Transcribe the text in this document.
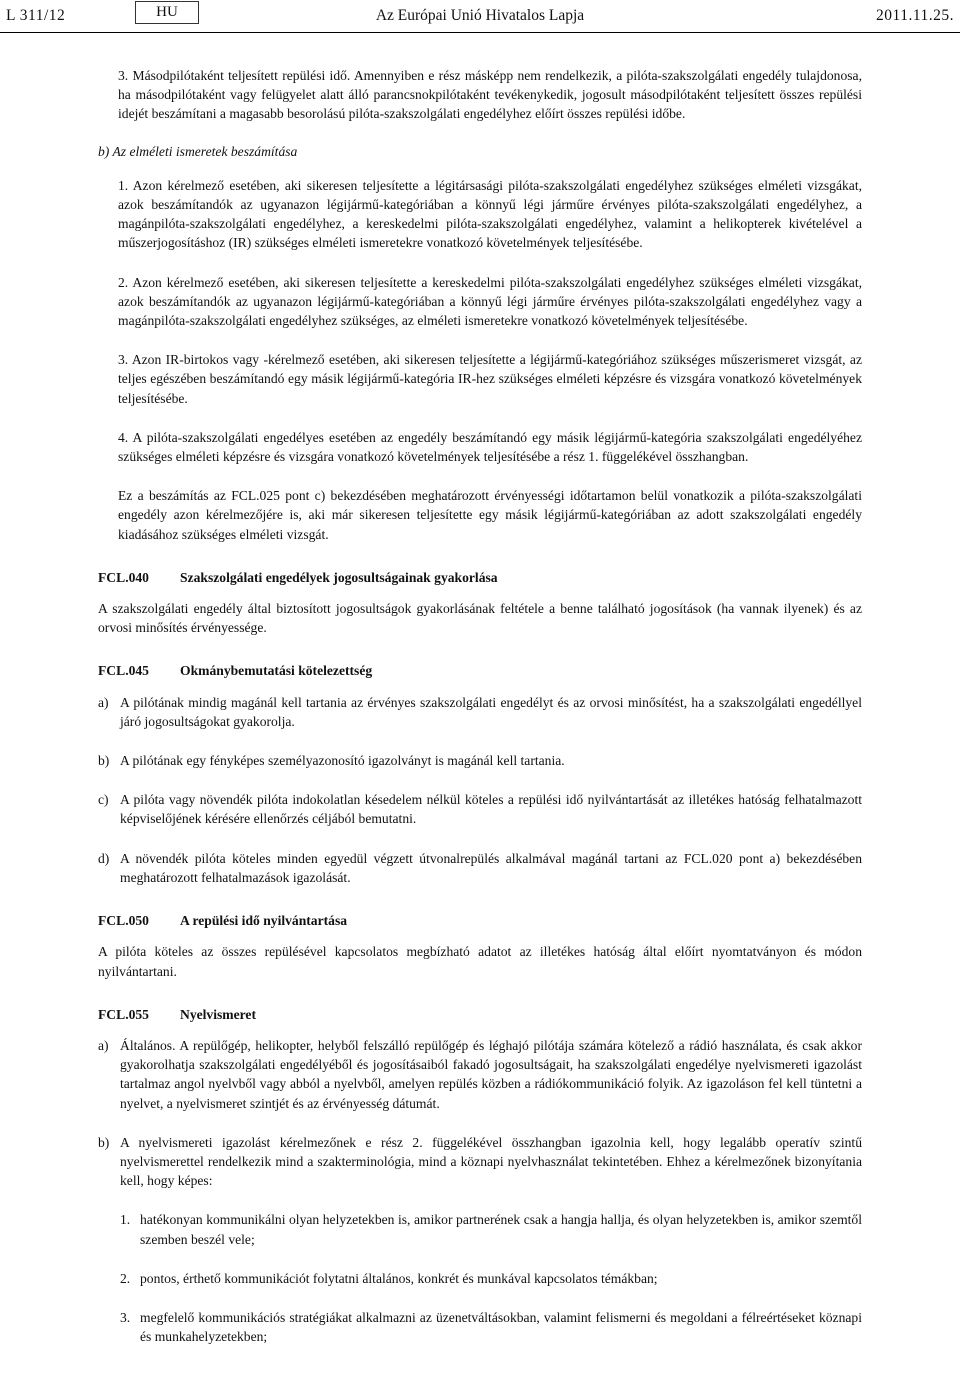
L 311/12	HU	Az Európai Unió Hivatalos Lapja	2011.11.25.

3. Másodpilótaként teljesített repülési idő. Amennyiben e rész másképp nem rendelkezik, a pilóta-szakszolgálati engedély tulajdonosa, ha másodpilótaként vagy felügyelet alatt álló parancsnokpilótaként tevékenykedik, jogosult másodpilótaként teljesített összes repülési idejét beszámítani a magasabb besorolású pilóta-szakszolgálati engedélyhez előírt összes repülési időbe.

b) Az elméleti ismeretek beszámítása

1. Azon kérelmező esetében, aki sikeresen teljesítette a légitársasági pilóta-szakszolgálati engedélyhez szükséges elméleti vizsgákat, azok beszámítandók az ugyanazon légijármű-kategóriában a könnyű légi járműre érvényes pilóta-szakszolgálati engedélyhez, a magánpilóta-szakszolgálati engedélyhez, a kereskedelmi pilóta-szakszolgálati engedélyhez, valamint a helikopterek kivételével a műszerjogosításhoz (IR) szükséges elméleti ismeretekre vonatkozó követelmények teljesítésébe.

2. Azon kérelmező esetében, aki sikeresen teljesítette a kereskedelmi pilóta-szakszolgálati engedélyhez szükséges elméleti vizsgákat, azok beszámítandók az ugyanazon légijármű-kategóriában a könnyű légi járműre érvényes pilóta-szakszolgálati engedélyhez vagy a magánpilóta-szakszolgálati engedélyhez szükséges, az elméleti ismeretekre vonatkozó követelmények teljesítésébe.

3. Azon IR-birtokos vagy -kérelmező esetében, aki sikeresen teljesítette a légijármű-kategóriához szükséges műszerismeret vizsgát, az teljes egészében beszámítandó egy másik légijármű-kategória IR-hez szükséges elméleti képzésre és vizsgára vonatkozó követelmények teljesítésébe.

4. A pilóta-szakszolgálati engedélyes esetében az engedély beszámítandó egy másik légijármű-kategória szakszolgálati engedélyéhez szükséges elméleti képzésre és vizsgára vonatkozó követelmények teljesítésébe a rész 1. függelékével összhangban.

Ez a beszámítás az FCL.025 pont c) bekezdésében meghatározott érvényességi időtartamon belül vonatkozik a pilóta-szakszolgálati engedély azon kérelmezőjére is, aki már sikeresen teljesítette egy másik légijármű-kategóriában az adott szakszolgálati engedély kiadásához szükséges elméleti vizsgát.

FCL.040	Szakszolgálati engedélyek jogosultságainak gyakorlása

A szakszolgálati engedély által biztosított jogosultságok gyakorlásának feltétele a benne található jogosítások (ha vannak ilyenek) és az orvosi minősítés érvényessége.

FCL.045	Okmánybemutatási kötelezettség
a) A pilótának mindig magánál kell tartania az érvényes szakszolgálati engedélyt és az orvosi minősítést, ha a szakszolgálati engedéllyel járó jogosultságokat gyakorolja.
b) A pilótának egy fényképes személyazonosító igazolványt is magánál kell tartania.
c) A pilóta vagy növendék pilóta indokolatlan késedelem nélkül köteles a repülési idő nyilvántartását az illetékes hatóság felhatalmazott képviselőjének kérésére ellenőrzés céljából bemutatni.
d) A növendék pilóta köteles minden egyedül végzett útvonalrepülés alkalmával magánál tartani az FCL.020 pont a) bekezdésében meghatározott felhatalmazások igazolását.
FCL.050	A repülési idő nyilvántartása

A pilóta köteles az összes repülésével kapcsolatos megbízható adatot az illetékes hatóság által előírt nyomtatványon és módon nyilvántartani.

FCL.055	Nyelvismeret
a) Általános. A repülőgép, helikopter, helyből felszálló repülőgép és léghajó pilótája számára kötelező a rádió használata, és csak akkor gyakorolhatja szakszolgálati engedélyéből és jogosításaiból fakadó jogosultságait, ha szakszolgálati engedélye nyelvismereti igazolást tartalmaz angol nyelvből vagy abból a nyelvből, amelyen repülés közben a rádiókommunikáció folyik. Az igazoláson fel kell tüntetni a nyelvet, a nyelvismeret szintjét és az érvényesség dátumát.
b) A nyelvismereti igazolást kérelmezőnek e rész 2. függelékével összhangban igazolnia kell, hogy legalább operatív szintű nyelvismerettel rendelkezik mind a szakterminológia, mind a köznapi nyelvhasználat tekintetében. Ehhez a kérelmezőnek bizonyítania kell, hogy képes:
1. hatékonyan kommunikálni olyan helyzetekben is, amikor partnerének csak a hangja hallja, és olyan helyzetekben is, amikor szemtől szemben beszél vele;
2. pontos, érthető kommunikációt folytatni általános, konkrét és munkával kapcsolatos témákban;
3. megfelelő kommunikációs stratégiákat alkalmazni az üzenetváltásokban, valamint felismerni és megoldani a félreértéseket köznapi és munkahelyzetekben;
